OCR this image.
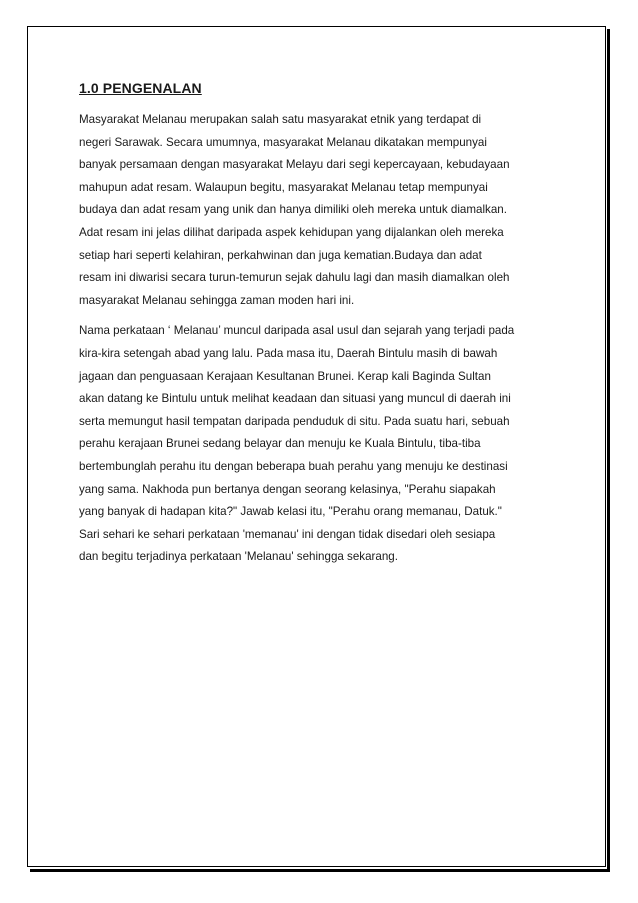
1.0 PENGENALAN

Masyarakat Melanau merupakan salah satu masyarakat etnik yang terdapat di
negeri Sarawak. Secara umumnya, masyarakat Melanau dikatakan mempunyai
banyak persamaan dengan masyarakat Melayu dari segi kepercayaan, kebudayaan
mahupun adat resam. Walaupun begitu, masyarakat Melanau tetap mempunyai
budaya dan adat resam yang unik dan hanya dimiliki oleh mereka untuk diamalkan.
Adat resam ini jelas dilihat daripada aspek kehidupan yang dijalankan oleh mereka
setiap hari seperti kelahiran, perkahwinan dan juga kematian.Budaya dan adat
resam ini diwarisi secara turun-temurun sejak dahulu lagi dan masih diamalkan oleh
masyarakat Melanau sehingga zaman moden hari ini.

Nama perkataan ‘ Melanau’ muncul daripada asal usul dan sejarah yang terjadi pada
kira-kira setengah abad yang lalu. Pada masa itu, Daerah Bintulu masih di bawah
jagaan dan penguasaan Kerajaan Kesultanan Brunei. Kerap kali Baginda Sultan
akan datang ke Bintulu untuk melihat keadaan dan situasi yang muncul di daerah ini
serta memungut hasil tempatan daripada penduduk di situ. Pada suatu hari, sebuah
perahu kerajaan Brunei sedang belayar dan menuju ke Kuala Bintulu, tiba-tiba
bertembunglah perahu itu dengan beberapa buah perahu yang menuju ke destinasi
yang sama. Nakhoda pun bertanya dengan seorang kelasinya, "Perahu siapakah
yang banyak di hadapan kita?" Jawab kelasi itu, "Perahu orang memanau, Datuk."
Sari sehari ke sehari perkataan 'memanau' ini dengan tidak disedari oleh sesiapa
dan begitu terjadinya perkataan 'Melanau' sehingga sekarang.
